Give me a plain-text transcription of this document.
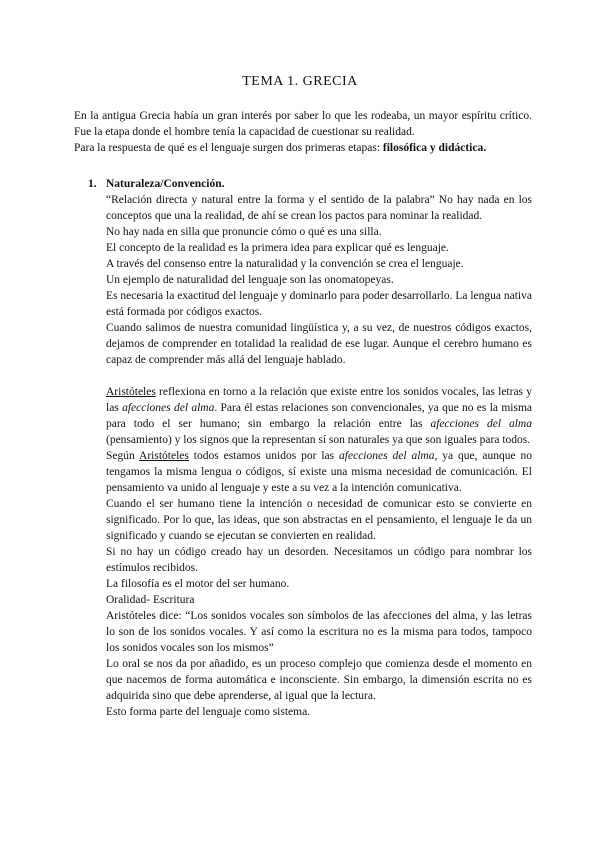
TEMA 1. GRECIA

En la antigua Grecia había un gran interés por saber lo que les rodeaba, un mayor espíritu crítico. Fue la etapa donde el hombre tenía la capacidad de cuestionar su realidad.

Para la respuesta de qué es el lenguaje surgen dos primeras etapas: filosófica y didáctica.

1. Naturaleza/Convención.

“Relación directa y natural entre la forma y el sentido de la palabra” No hay nada en los conceptos que una la realidad, de ahí se crean los pactos para nominar la realidad.

No hay nada en silla que pronuncie cómo o qué es una silla.

El concepto de la realidad es la primera idea para explicar qué es lenguaje.

A través del consenso entre la naturalidad y la convención se crea el lenguaje.

Un ejemplo de naturalidad del lenguaje son las onomatopeyas.

Es necesaria la exactitud del lenguaje y dominarlo para poder desarrollarlo. La lengua nativa está formada por códigos exactos.

Cuando salimos de nuestra comunidad lingüística y, a su vez, de nuestros códigos exactos, dejamos de comprender en totalidad la realidad de ese lugar. Aunque el cerebro humano es capaz de comprender más allá del lenguaje hablado.

Aristóteles reflexiona en torno a la relación que existe entre los sonidos vocales, las letras y las afecciones del alma. Para él estas relaciones son convencionales, ya que no es la misma para todo el ser humano; sin embargo la relación entre las afecciones del alma (pensamiento) y los signos que la representan sí son naturales ya que son iguales para todos.

Según Aristóteles todos estamos unidos por las afecciones del alma, ya que, aunque no tengamos la misma lengua o códigos, sí existe una misma necesidad de comunicación. El pensamiento va unido al lenguaje y este a su vez a la intención comunicativa.

Cuando el ser humano tiene la intención o necesidad de comunicar esto se convierte en significado. Por lo que, las ideas, que son abstractas en el pensamiento, el lenguaje le da un significado y cuando se ejecutan se convierten en realidad.

Si no hay un código creado hay un desorden. Necesitamos un código para nombrar los estímulos recibidos.

La filosofía es el motor del ser humano.

Oralidad- Escritura

Aristóteles dice: “Los sonidos vocales son símbolos de las afecciones del alma, y las letras lo son de los sonidos vocales. Y así como la escritura no es la misma para todos, tampoco los sonidos vocales son los mismos”

Lo oral se nos da por añadido, es un proceso complejo que comienza desde el momento en que nacemos de forma automática e inconsciente. Sin embargo, la dimensión escrita no es adquirida sino que debe aprenderse, al igual que la lectura.

Esto forma parte del lenguaje como sistema.
